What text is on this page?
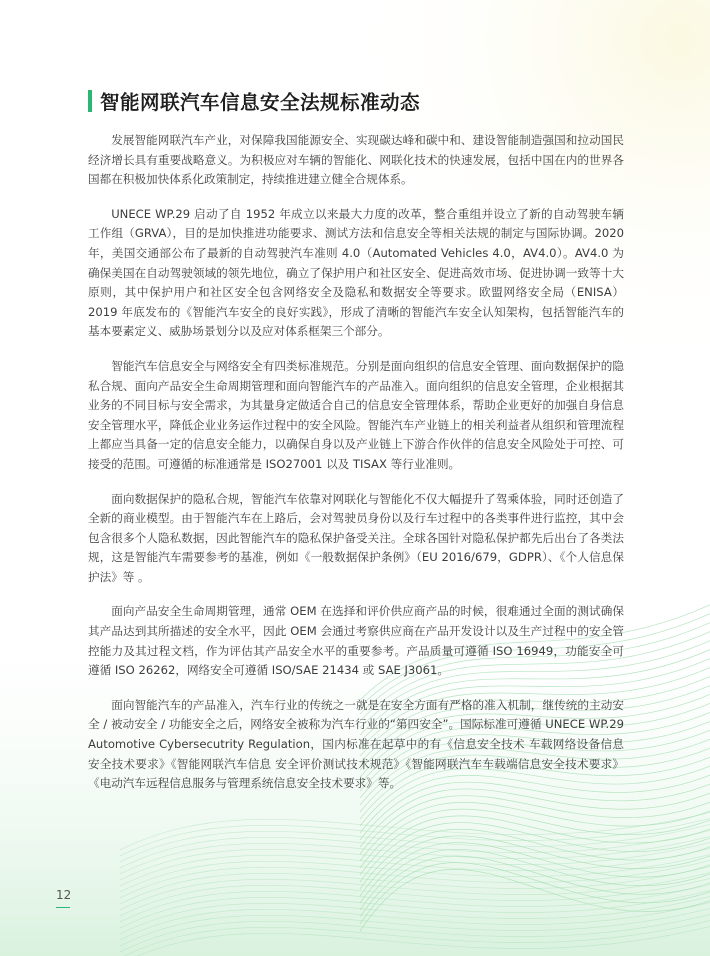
智能网联汽车信息安全法规标准动态

发展智能网联汽车产业，对保障我国能源安全、实现碳达峰和碳中和、建设智能制造强国和拉动国民经济增长具有重要战略意义。为积极应对车辆的智能化、网联化技术的快速发展，包括中国在内的世界各国都在积极加快体系化政策制定，持续推进建立健全合规体系。

UNECE WP.29 启动了自 1952 年成立以来最大力度的改革，整合重组并设立了新的自动驾驶车辆工作组（GRVA），目的是加快推进功能要求、测试方法和信息安全等相关法规的制定与国际协调。2020 年，美国交通部公布了最新的自动驾驶汽车准则 4.0（Automated Vehicles 4.0，AV4.0）。AV4.0 为确保美国在自动驾驶领域的领先地位，确立了保护用户和社区安全、促进高效市场、促进协调一致等十大原则，其中保护用户和社区安全包含网络安全及隐私和数据安全等要求。欧盟网络安全局（ENISA）2019 年底发布的《智能汽车安全的良好实践》，形成了清晰的智能汽车安全认知架构，包括智能汽车的基本要素定义、威胁场景划分以及应对体系框架三个部分。

智能汽车信息安全与网络安全有四类标准规范。分别是面向组织的信息安全管理、面向数据保护的隐私合规、面向产品安全生命周期管理和面向智能汽车的产品准入。面向组织的信息安全管理，企业根据其业务的不同目标与安全需求，为其量身定做适合自己的信息安全管理体系，帮助企业更好的加强自身信息安全管理水平，降低企业业务运作过程中的安全风险。智能汽车产业链上的相关利益者从组织和管理流程上都应当具备一定的信息安全能力，以确保自身以及产业链上下游合作伙伴的信息安全风险处于可控、可接受的范围。可遵循的标准通常是 ISO27001 以及 TISAX 等行业准则。

面向数据保护的隐私合规，智能汽车依靠对网联化与智能化不仅大幅提升了驾乘体验，同时还创造了全新的商业模型。由于智能汽车在上路后，会对驾驶员身份以及行车过程中的各类事件进行监控，其中会包含很多个人隐私数据，因此智能汽车的隐私保护备受关注。全球各国针对隐私保护都先后出台了各类法规，这是智能汽车需要参考的基准，例如《一般数据保护条例》（EU 2016/679，GDPR）、《个人信息保护法》等 。

面向产品安全生命周期管理，通常 OEM 在选择和评价供应商产品的时候，很难通过全面的测试确保其产品达到其所描述的安全水平，因此 OEM 会通过考察供应商在产品开发设计以及生产过程中的安全管控能力及其过程文档，作为评估其产品安全水平的重要参考。产品质量可遵循 ISO 16949，功能安全可遵循 ISO 26262，网络安全可遵循 ISO/SAE 21434 或 SAE J3061。

面向智能汽车的产品准入，汽车行业的传统之一就是在安全方面有严格的准入机制，继传统的主动安全 / 被动安全 / 功能安全之后，网络安全被称为汽车行业的“第四安全”。国际标准可遵循 UNECE WP.29 Automotive Cybersecutrity Regulation，国内标准在起草中的有《信息安全技术 车载网络设备信息安全技术要求》《智能网联汽车信息 安全评价测试技术规范》《智能网联汽车车载端信息安全技术要求》《电动汽车远程信息服务与管理系统信息安全技术要求》等。

12
